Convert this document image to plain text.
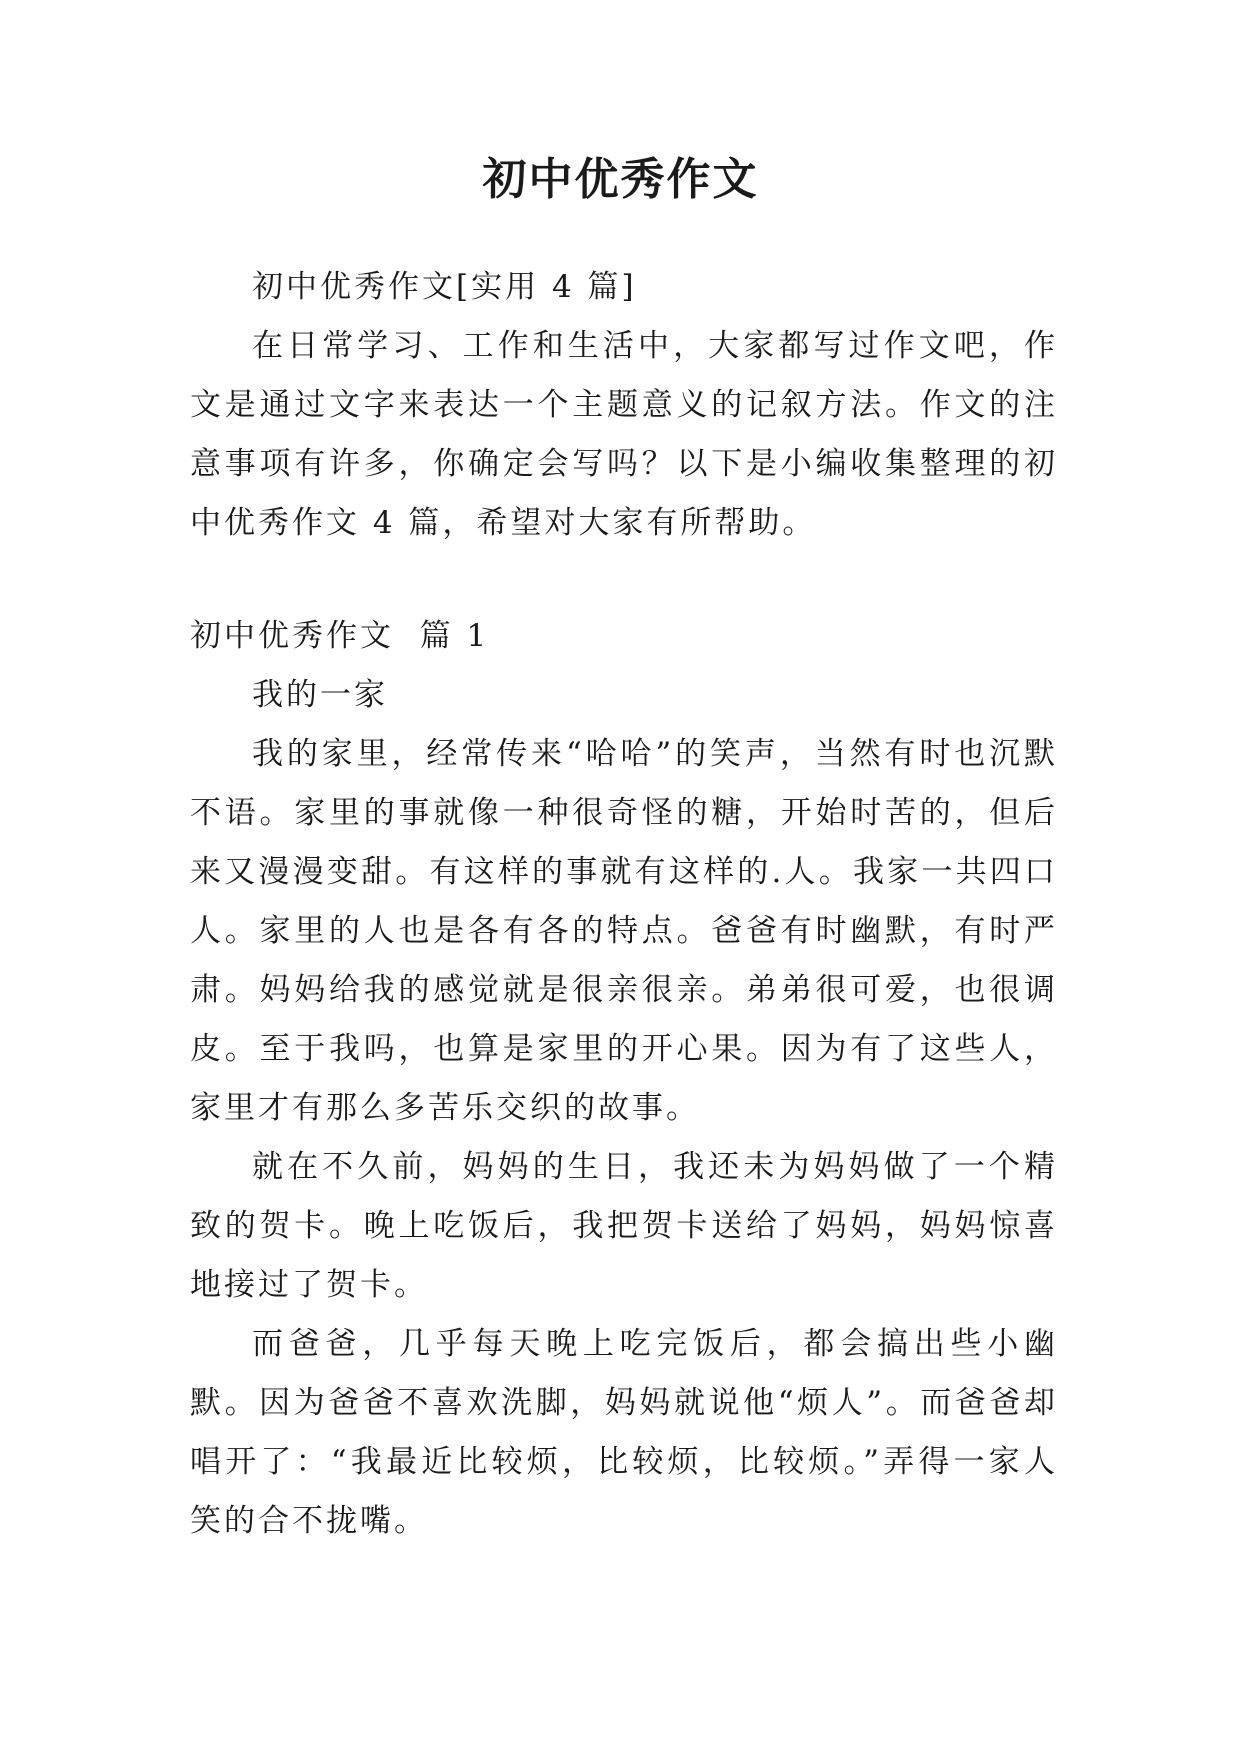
初中优秀作文

初中优秀作文[实用 4 篇]

在日常学习、工作和生活中，大家都写过作文吧，作文是通过文字来表达一个主题意义的记叙方法。作文的注意事项有许多，你确定会写吗？以下是小编收集整理的初中优秀作文 4 篇，希望对大家有所帮助。

初中优秀作文  篇 1

我的一家

我的家里，经常传来“哈哈”的笑声，当然有时也沉默不语。家里的事就像一种很奇怪的糖，开始时苦的，但后来又漫漫变甜。有这样的事就有这样的.人。我家一共四口人。家里的人也是各有各的特点。爸爸有时幽默，有时严肃。妈妈给我的感觉就是很亲很亲。弟弟很可爱，也很调皮。至于我吗，也算是家里的开心果。因为有了这些人，家里才有那么多苦乐交织的故事。

就在不久前，妈妈的生日，我还未为妈妈做了一个精致的贺卡。晚上吃饭后，我把贺卡送给了妈妈，妈妈惊喜地接过了贺卡。

而爸爸，几乎每天晚上吃完饭后，都会搞出些小幽默。因为爸爸不喜欢洗脚，妈妈就说他“烦人”。而爸爸却唱开了：“我最近比较烦，比较烦，比较烦。”弄得一家人笑的合不拢嘴。
